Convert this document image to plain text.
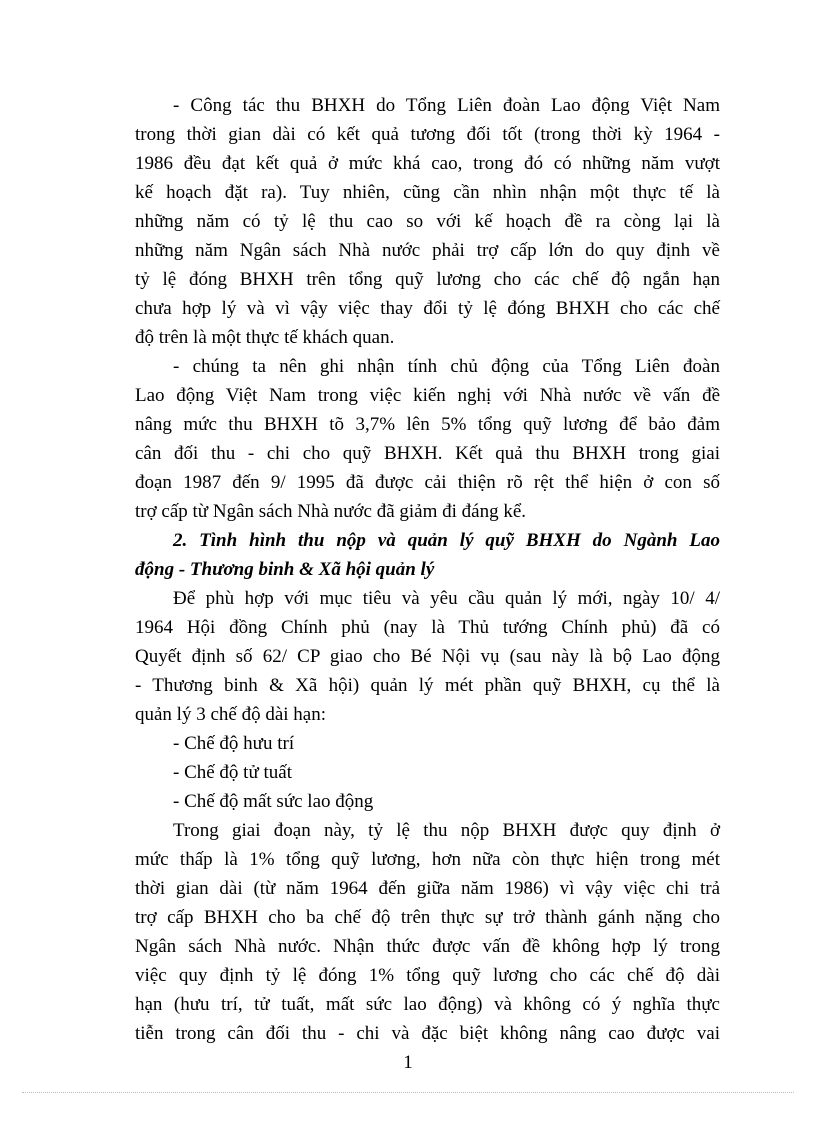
- Công tác thu BHXH do Tổng Liên đoàn Lao động Việt Nam
trong thời gian dài có kết quả tương đối tốt (trong thời kỳ 1964 -
1986 đều đạt kết quả ở mức khá cao, trong đó có những năm vượt
kế hoạch đặt ra). Tuy nhiên, cũng cần nhìn nhận một thực tế là
những năm có tỷ lệ thu cao so với kế hoạch đề ra còng lại là
những năm Ngân sách Nhà nước phải trợ cấp lớn do quy định về
tỷ lệ đóng BHXH trên tổng quỹ lương cho các chế độ ngắn hạn
chưa hợp lý và vì vậy việc thay đổi tỷ lệ đóng BHXH cho các chế
độ trên là một thực tế khách quan.
- chúng ta nên ghi nhận tính chủ động của Tổng Liên đoàn
Lao động Việt Nam trong việc kiến nghị với Nhà nước về vấn đề
nâng mức thu BHXH tõ 3,7% lên 5% tổng quỹ lương để bảo đảm
cân đối thu - chi cho quỹ BHXH. Kết quả thu BHXH trong giai
đoạn 1987 đến 9/ 1995 đã được cải thiện rõ rệt thể hiện ở con số
trợ cấp từ Ngân sách Nhà nước đã giảm đi đáng kể.
2. Tình hình thu nộp và quản lý quỹ BHXH do Ngành Lao
động - Thương binh & Xã hội quản lý
Để phù hợp với mục tiêu và yêu cầu quản lý mới, ngày 10/ 4/
1964 Hội đồng Chính phủ (nay là Thủ tướng Chính phủ) đã có
Quyết định số 62/ CP giao cho Bé Nội vụ (sau này là bộ Lao động
- Thương binh & Xã hội) quản lý mét phần quỹ BHXH, cụ thể là
quản lý 3 chế độ dài hạn:
- Chế độ hưu trí
- Chế độ tử tuất
- Chế độ mất sức lao động
Trong giai đoạn này, tỷ lệ thu nộp BHXH được quy định ở
mức thấp là 1% tổng quỹ lương, hơn nữa còn thực hiện trong mét
thời gian dài (từ năm 1964 đến giữa năm 1986) vì vậy việc chi trả
trợ cấp BHXH cho ba chế độ trên thực sự trở thành gánh nặng cho
Ngân sách Nhà nước. Nhận thức được vấn đề không hợp lý trong
việc quy định tỷ lệ đóng 1% tổng quỹ lương cho các chế độ dài
hạn (hưu trí, tử tuất, mất sức lao động) và không có ý nghĩa thực
tiễn trong cân đối thu - chi và đặc biệt không nâng cao được vai
1
